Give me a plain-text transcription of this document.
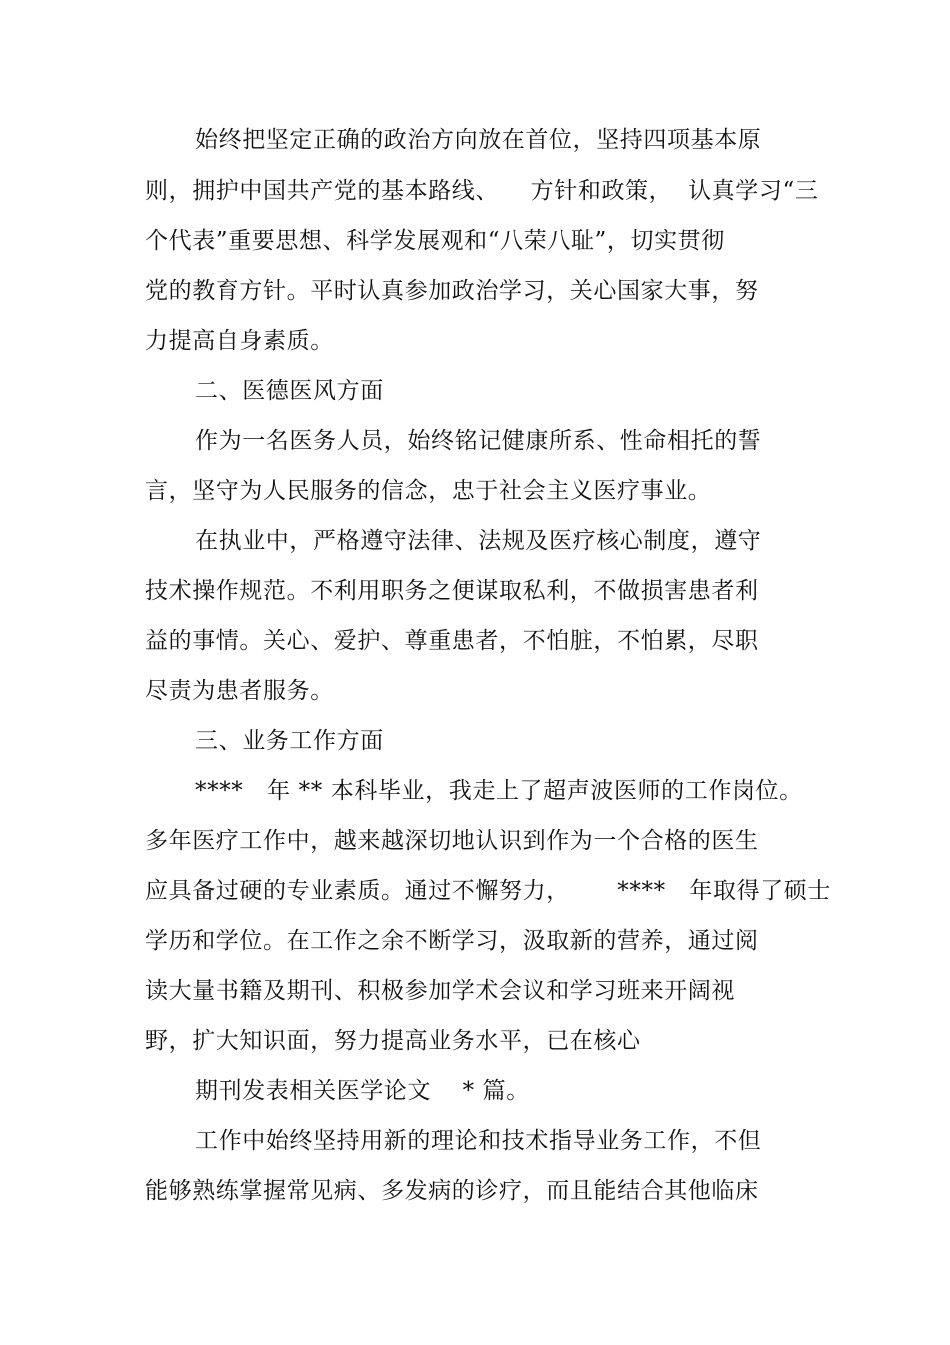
始终把坚定正确的政治方向放在首位，坚持四项基本原
则，拥护中国共产党的基本路线、    方针和政策，  认真学习“三
个代表”重要思想、科学发展观和“八荣八耻”，切实贯彻
党的教育方针。平时认真参加政治学习，关心国家大事，努
力提高自身素质。
二、医德医风方面
作为一名医务人员，始终铭记健康所系、性命相托的誓
言，坚守为人民服务的信念，忠于社会主义医疗事业。
在执业中，严格遵守法律、法规及医疗核心制度，遵守
技术操作规范。不利用职务之便谋取私利，不做损害患者利
益的事情。关心、爱护、尊重患者，不怕脏，不怕累，尽职
尽责为患者服务。
三、业务工作方面
****   年 ** 本科毕业，我走上了超声波医师的工作岗位。
多年医疗工作中，越来越深切地认识到作为一个合格的医生
应具备过硬的专业素质。通过不懈努力，      ****   年取得了硕士
学历和学位。在工作之余不断学习，汲取新的营养，通过阅
读大量书籍及期刊、积极参加学术会议和学习班来开阔视
野，扩大知识面，努力提高业务水平，已在核心
期刊发表相关医学论文    * 篇。
工作中始终坚持用新的理论和技术指导业务工作，不但
能够熟练掌握常见病、多发病的诊疗，而且能结合其他临床
